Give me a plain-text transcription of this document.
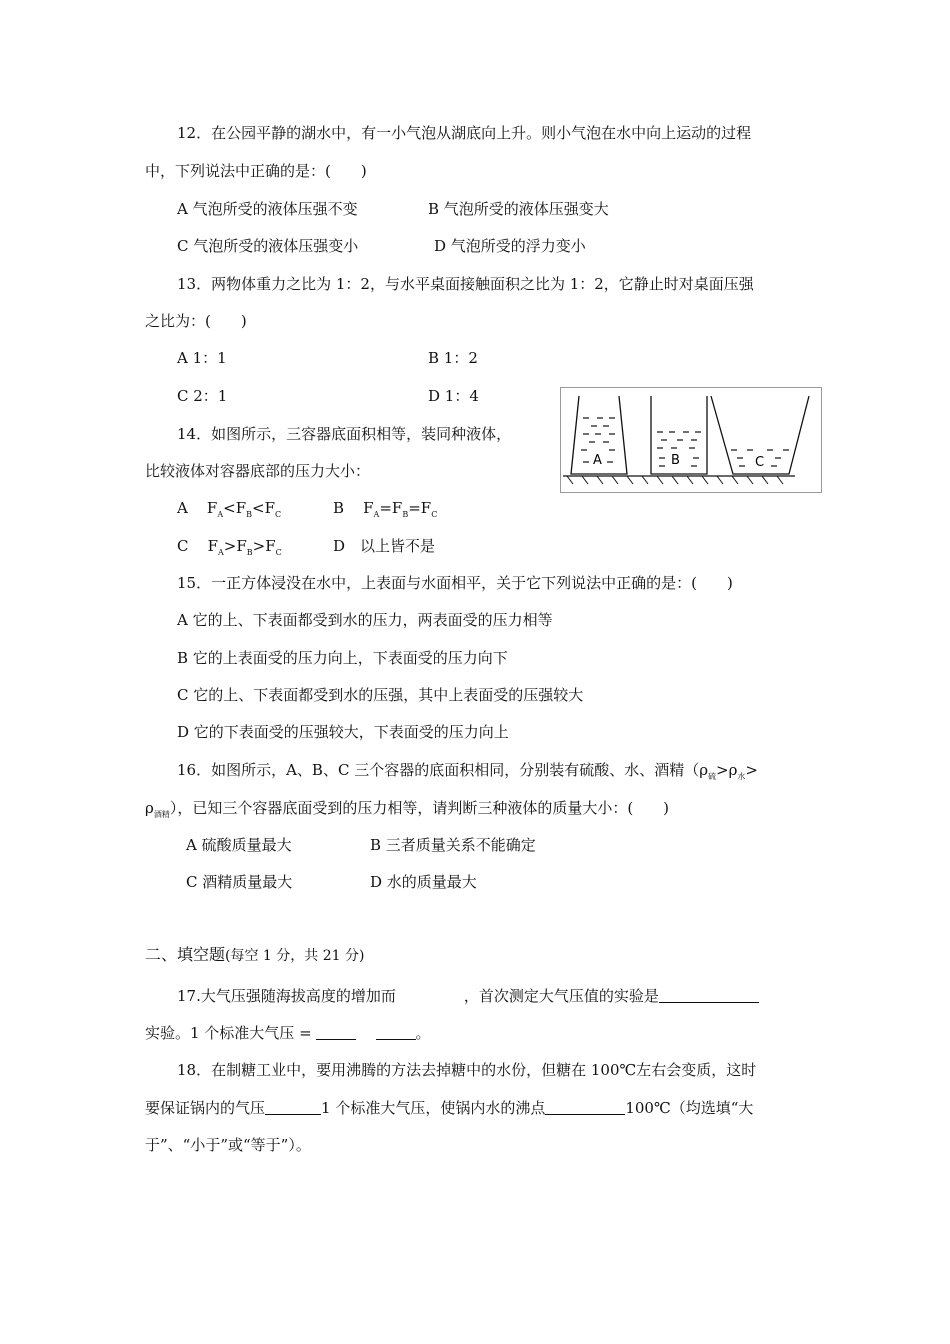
12．在公园平静的湖水中，有一小气泡从湖底向上升。则小气泡在水中向上运动的过程
中，下列说法中正确的是：(　　)
A 气泡所受的液体压强不变	B 气泡所受的液体压强变大
C 气泡所受的液体压强变小	D 气泡所受的浮力变小
13．两物体重力之比为 1：2，与水平桌面接触面积之比为 1：2，它静止时对桌面压强
之比为：(　　)
A 1：1	B 1：2
C 2：1	D 1：4
A	B	C
14．如图所示，三容器底面积相等，装同种液体，
比较液体对容器底部的压力大小：
A $F_A<F_B<F_C$	B $F_A=F_B=F_C$
C $F_A>F_B>F_C$	D　以上皆不是
15．一正方体浸没在水中，上表面与水面相平，关于它下列说法中正确的是：(　　)
A 它的上、下表面都受到水的压力，两表面受的压力相等
B 它的上表面受的压力向上，下表面受的压力向下
C 它的上、下表面都受到水的压强，其中上表面受的压强较大
D 它的下表面受的压强较大，下表面受的压力向上
16．如图所示，A、B、C 三个容器的底面积相同，分别装有硫酸、水、酒精（$\rho_硫>\rho_水>$
$\rho_{酒精}$），已知三个容器底面受到的压力相等，请判断三种液体的质量大小：(　　)
A 硫酸质量最大	B 三者质量关系不能确定
C 酒精质量最大	D 水的质量最大
二、填空题(每空 1 分，共 21 分)
17.大气压强随海拔高度的增加而	，首次测定大气压值的实验是
实验。1 个标准大气压 =	。
18．在制糖工业中，要用沸腾的方法去掉糖中的水份，但糖在 100℃左右会变质，这时
要保证锅内的气压	1 个标准大气压，使锅内水的沸点	100℃（均选填“大
于”、“小于”或“等于”）。
